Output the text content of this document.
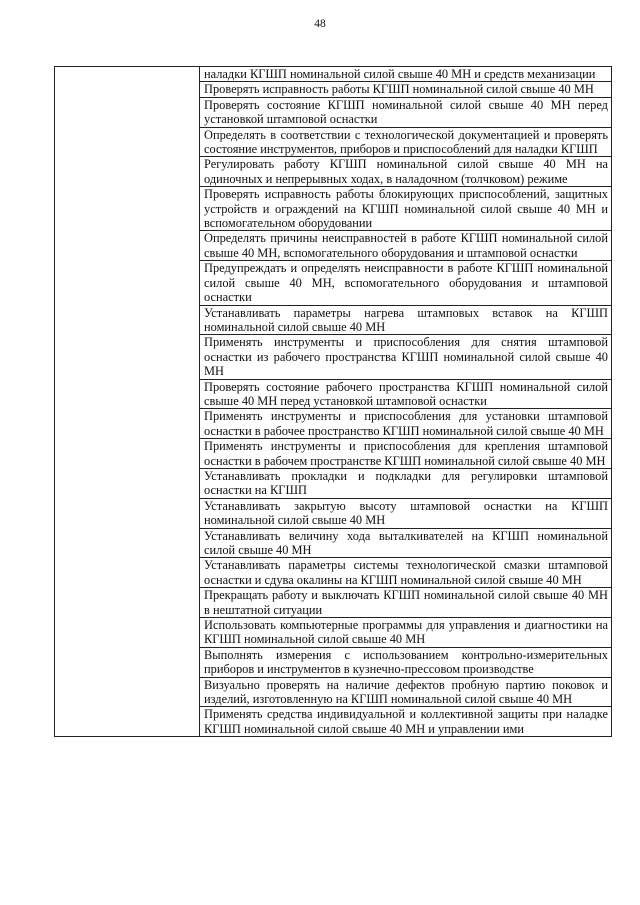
48

	наладки КГШП номинальной силой свыше 40 МН и средств механизации

	Проверять исправность работы КГШП номинальной силой свыше 40 МН

	Проверять состояние КГШП номинальной силой свыше 40 МН перед установкой штамповой оснастки

	Определять в соответствии с технологической документацией и проверять состояние инструментов, приборов и приспособлений для наладки КГШП

	Регулировать работу КГШП номинальной силой свыше 40 МН на одиночных и непрерывных ходах, в наладочном (толчковом) режиме

	Проверять исправность работы блокирующих приспособлений, защитных устройств и ограждений на КГШП номинальной силой свыше 40 МН и вспомогательном оборудовании

	Определять причины неисправностей в работе КГШП номинальной силой свыше 40 МН, вспомогательного оборудования и штамповой оснастки

	Предупреждать и определять неисправности в работе КГШП номинальной силой свыше 40 МН, вспомогательного оборудования и штамповой оснастки

	Устанавливать параметры нагрева штамповых вставок на КГШП номинальной силой свыше 40 МН

	Применять инструменты и приспособления для снятия штамповой оснастки из рабочего пространства КГШП номинальной силой свыше 40 МН

	Проверять состояние рабочего пространства КГШП номинальной силой свыше 40 МН перед установкой штамповой оснастки

	Применять инструменты и приспособления для установки штамповой оснастки в рабочее пространство КГШП номинальной силой свыше 40 МН

	Применять инструменты и приспособления для крепления штамповой оснастки в рабочем пространстве КГШП номинальной силой свыше 40 МН

	Устанавливать прокладки и подкладки для регулировки штамповой оснастки на КГШП

	Устанавливать закрытую высоту штамповой оснастки на КГШП номинальной силой свыше 40 МН

	Устанавливать величину хода выталкивателей на КГШП номинальной силой свыше 40 МН

	Устанавливать параметры системы технологической смазки штамповой оснастки и сдува окалины на КГШП номинальной силой свыше 40 МН

	Прекращать работу и выключать КГШП номинальной силой свыше 40 МН в нештатной ситуации

	Использовать компьютерные программы для управления и диагностики на КГШП номинальной силой свыше 40 МН

	Выполнять измерения с использованием контрольно-измерительных приборов и инструментов в кузнечно-прессовом производстве

	Визуально проверять на наличие дефектов пробную партию поковок и изделий, изготовленную на КГШП номинальной силой свыше 40 МН

	Применять средства индивидуальной и коллективной защиты при наладке КГШП номинальной силой свыше 40 МН и управлении ими
